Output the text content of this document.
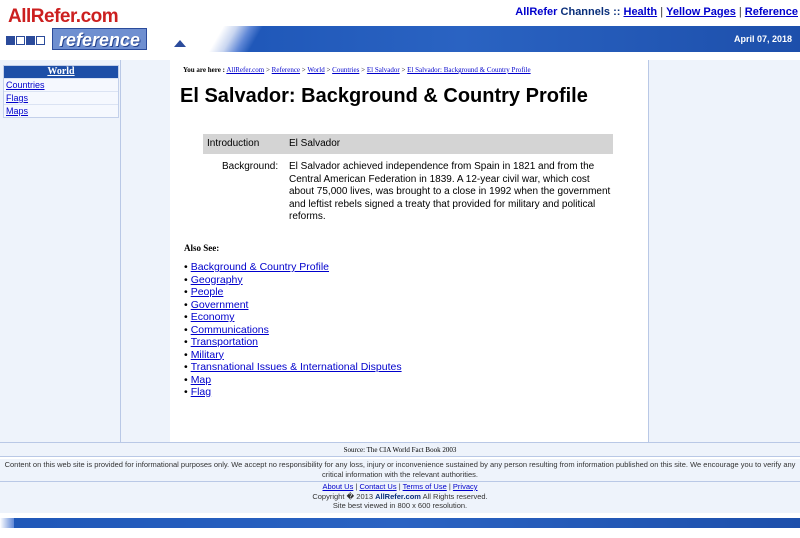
AllRefer.com
reference
AllRefer Channels :: Health | Yellow Pages | Reference
April 07, 2018
World
Countries
Flags
Maps
You are here : AllRefer.com > Reference > World > Countries > El Salvador > El Salvador: Background & Country Profile
El Salvador: Background & Country Profile
Introduction	El Salvador
Background: El Salvador achieved independence from Spain in 1821 and from the Central American Federation in 1839. A 12-year civil war, which cost about 75,000 lives, was brought to a close in 1992 when the government and leftist rebels signed a treaty that provided for military and political reforms.
Also See:
• Background & Country Profile
• Geography
• People
• Government
• Economy
• Communications
• Transportation
• Military
• Transnational Issues & International Disputes
• Map
• Flag
Source: The CIA World Fact Book 2003
Content on this web site is provided for informational purposes only. We accept no responsibility for any loss, injury or inconvenience sustained by any person resulting from information published on this site. We encourage you to verify any critical information with the relevant authorities.
About Us | Contact Us | Terms of Use | Privacy
Copyright � 2013 AllRefer.com All Rights reserved.
Site best viewed in 800 x 600 resolution.
